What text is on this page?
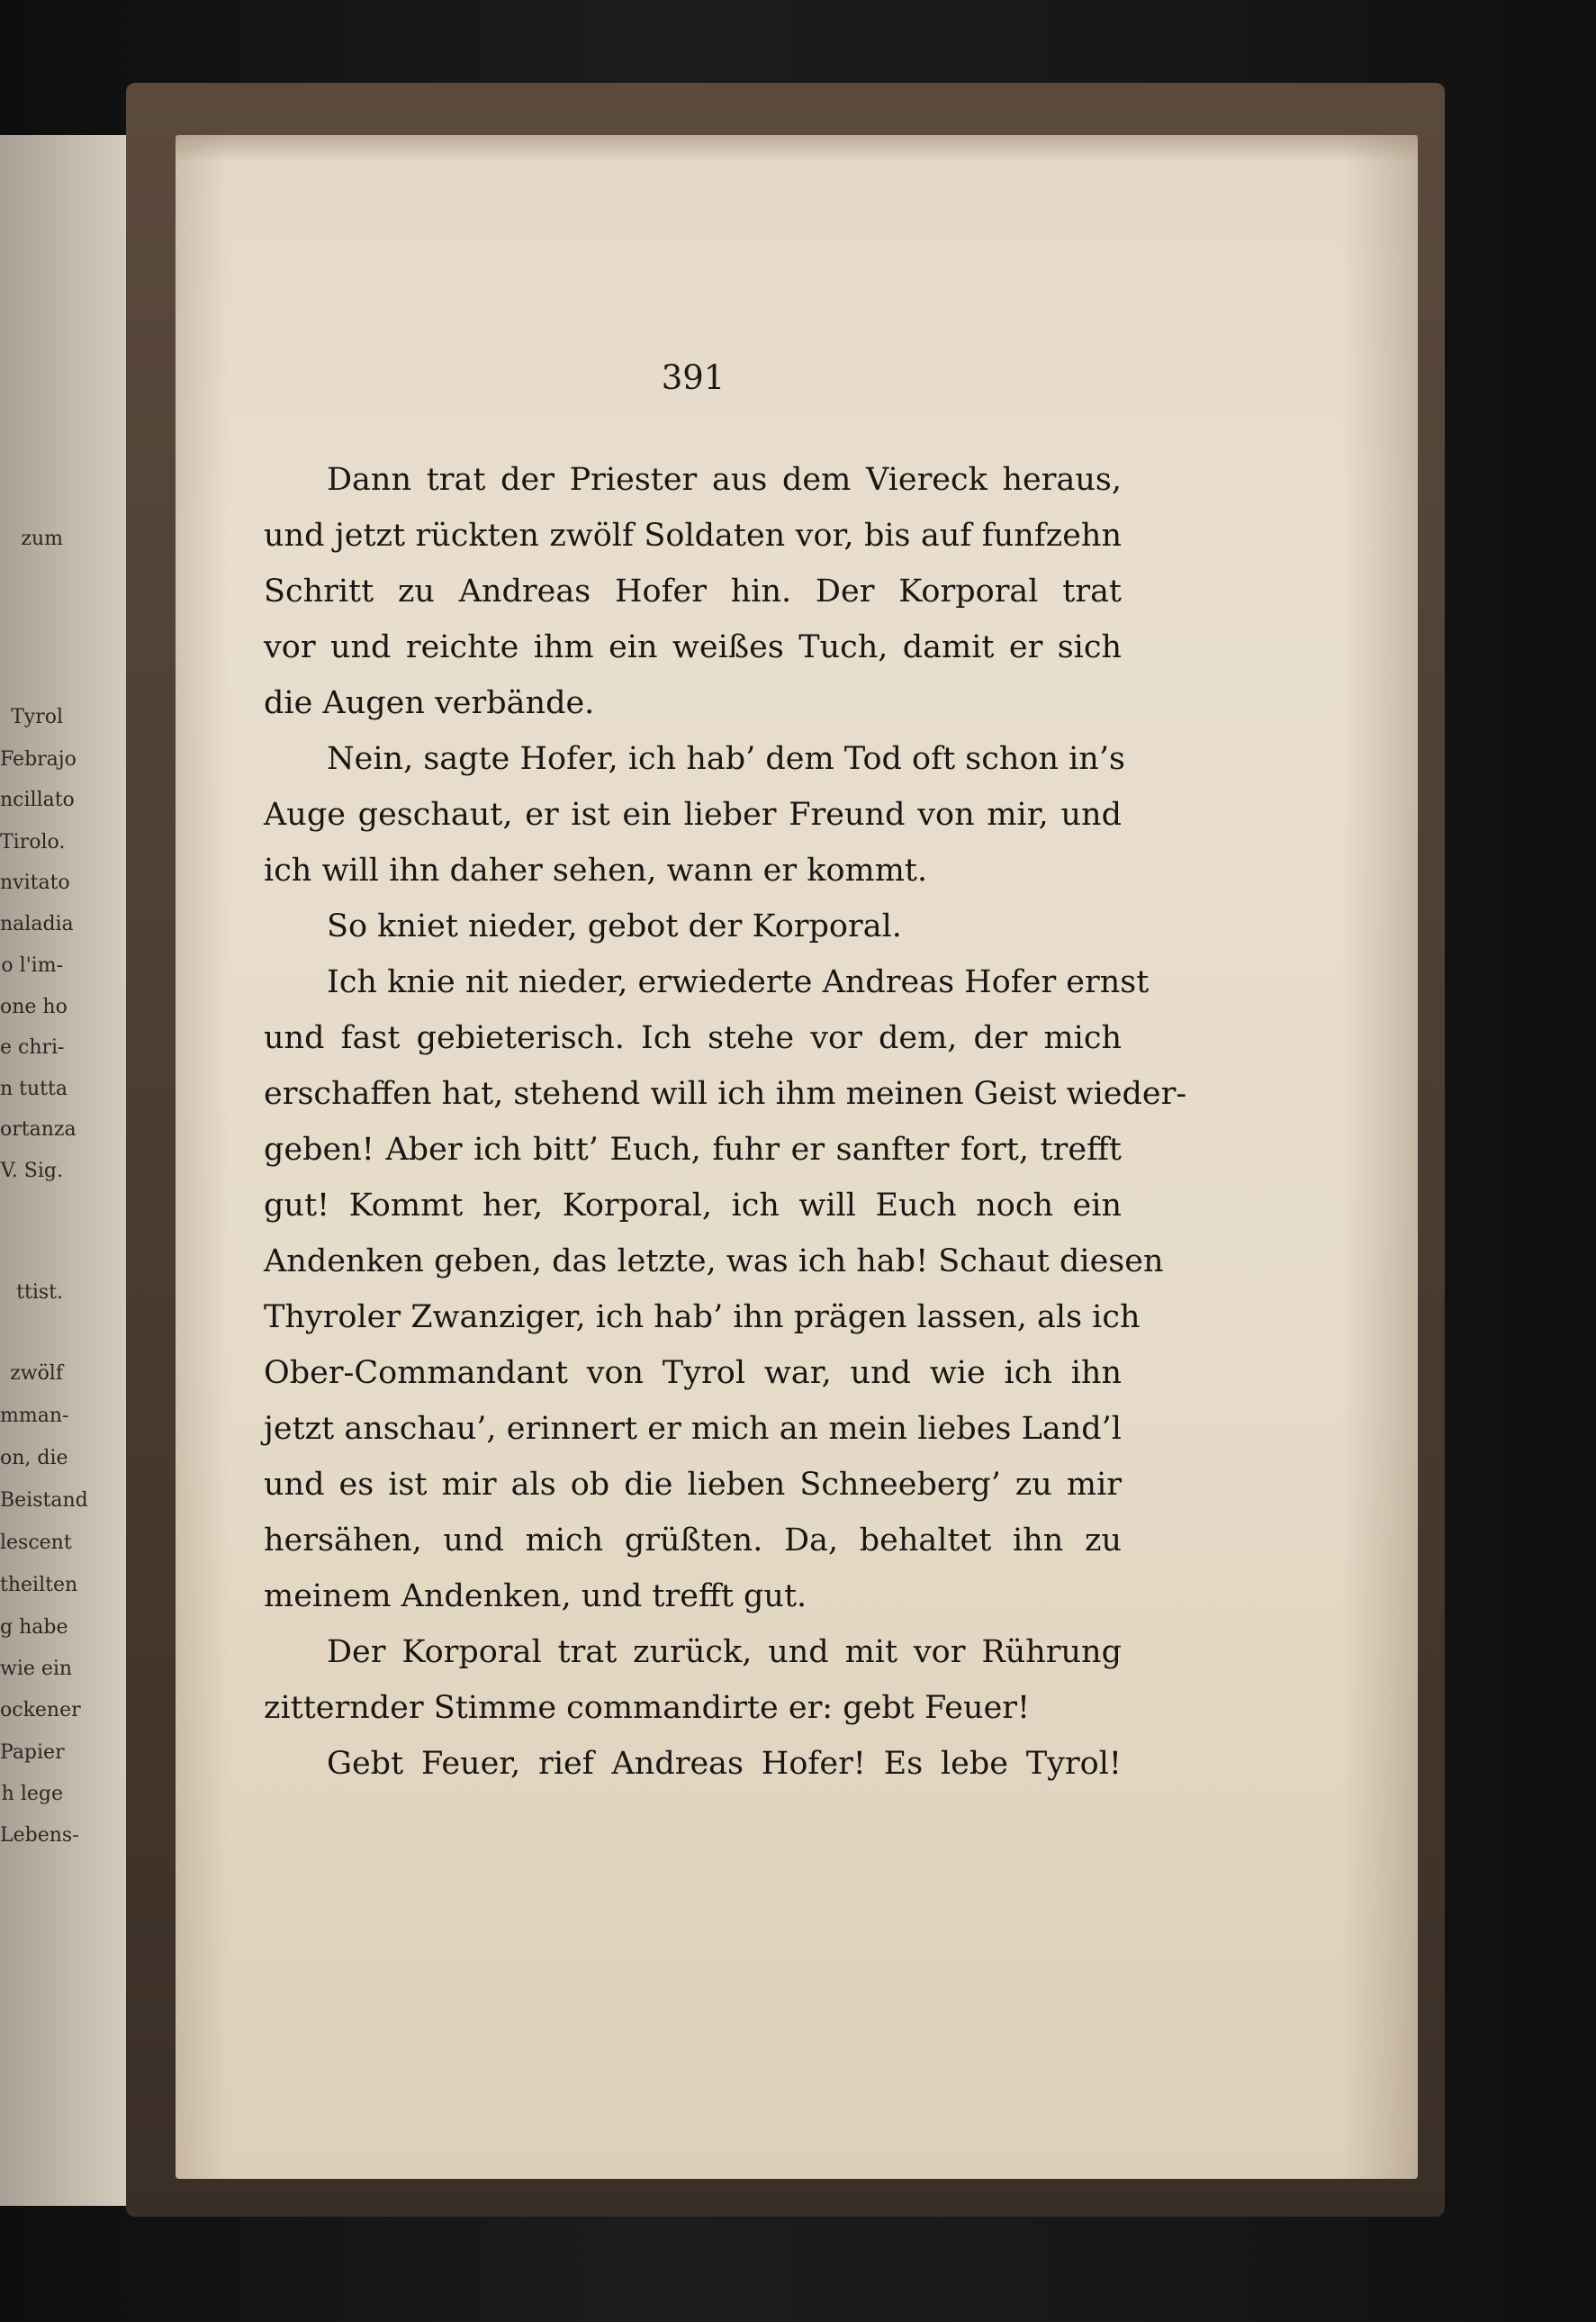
zum
Tyrol
Febrajo
ncillato
Tirolo.
nvitato
naladia
o l'im-
one ho
e chri-
n tutta
ortanza
V. Sig.
ttist.
zwölf
mman-
on, die
Beistand
lescent
theilten
g habe
wie ein
ockener
Papier
h lege
Lebens-
391
Dann trat der Priester aus dem Viereck heraus,
und jetzt rückten zwölf Soldaten vor, bis auf funfzehn
Schritt zu Andreas Hofer hin. Der Korporal trat
vor und reichte ihm ein weißes Tuch, damit er sich
die Augen verbände.
Nein, sagte Hofer, ich hab’ dem Tod oft schon in’s
Auge geschaut, er ist ein lieber Freund von mir, und
ich will ihn daher sehen, wann er kommt.
So kniet nieder, gebot der Korporal.
Ich knie nit nieder, erwiederte Andreas Hofer ernst
und fast gebieterisch. Ich stehe vor dem, der mich
erschaffen hat, stehend will ich ihm meinen Geist wieder-
geben! Aber ich bitt’ Euch, fuhr er sanfter fort, trefft
gut! Kommt her, Korporal, ich will Euch noch ein
Andenken geben, das letzte, was ich hab! Schaut diesen
Thyroler Zwanziger, ich hab’ ihn prägen lassen, als ich
Ober-Commandant von Tyrol war, und wie ich ihn
jetzt anschau’, erinnert er mich an mein liebes Land’l
und es ist mir als ob die lieben Schneeberg’ zu mir
hersähen, und mich grüßten. Da, behaltet ihn zu
meinem Andenken, und trefft gut.
Der Korporal trat zurück, und mit vor Rührung
zitternder Stimme commandirte er: gebt Feuer!
Gebt Feuer, rief Andreas Hofer! Es lebe Tyrol!
